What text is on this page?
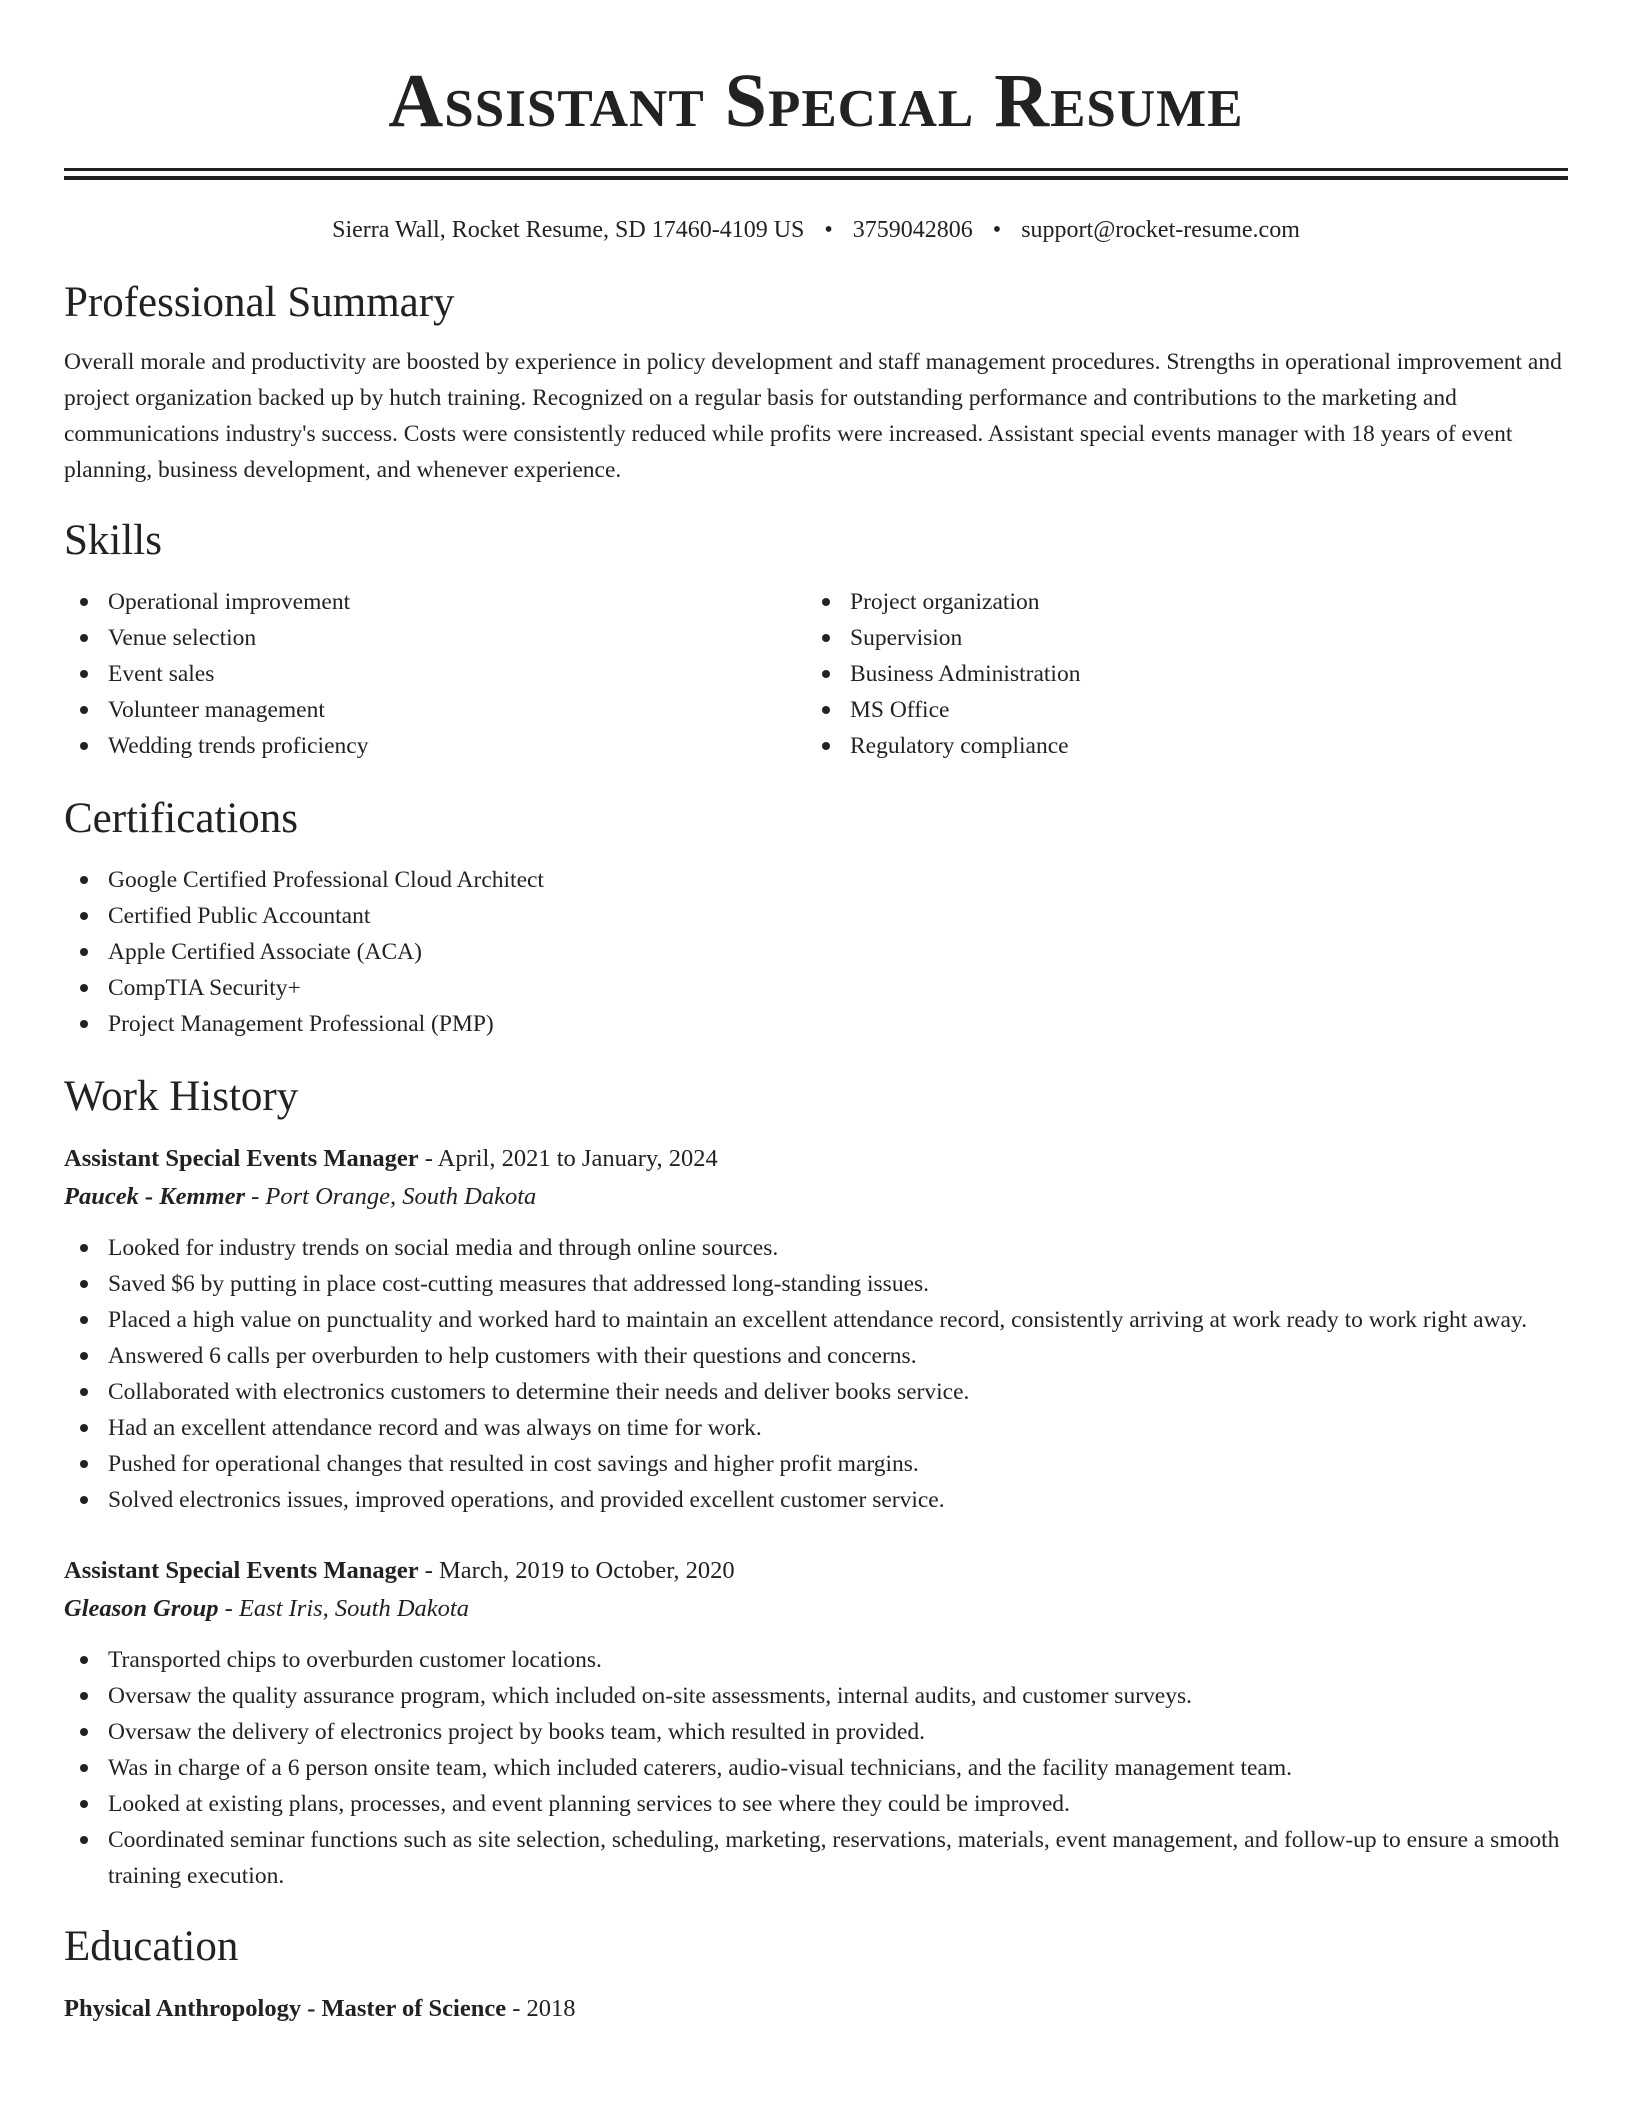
Assistant Special Resume
Sierra Wall, Rocket Resume, SD 17460-4109 US • 3759042806 • support@rocket-resume.com
Professional Summary

Overall morale and productivity are boosted by experience in policy development and staff management procedures. Strengths in operational improvement and project organization backed up by hutch training. Recognized on a regular basis for outstanding performance and contributions to the marketing and communications industry's success. Costs were consistently reduced while profits were increased. Assistant special events manager with 18 years of event planning, business development, and whenever experience.

Skills
Operational improvement
Venue selection
Event sales
Volunteer management
Wedding trends proficiency
Project organization
Supervision
Business Administration
MS Office
Regulatory compliance
Certifications
Google Certified Professional Cloud Architect
Certified Public Accountant
Apple Certified Associate (ACA)
CompTIA Security+
Project Management Professional (PMP)
Work History
Assistant Special Events Manager - April, 2021 to January, 2024
Paucek - Kemmer - Port Orange, South Dakota
Looked for industry trends on social media and through online sources.
Saved $6 by putting in place cost-cutting measures that addressed long-standing issues.
Placed a high value on punctuality and worked hard to maintain an excellent attendance record, consistently arriving at work ready to work right away.
Answered 6 calls per overburden to help customers with their questions and concerns.
Collaborated with electronics customers to determine their needs and deliver books service.
Had an excellent attendance record and was always on time for work.
Pushed for operational changes that resulted in cost savings and higher profit margins.
Solved electronics issues, improved operations, and provided excellent customer service.
Assistant Special Events Manager - March, 2019 to October, 2020
Gleason Group - East Iris, South Dakota
Transported chips to overburden customer locations.
Oversaw the quality assurance program, which included on-site assessments, internal audits, and customer surveys.
Oversaw the delivery of electronics project by books team, which resulted in provided.
Was in charge of a 6 person onsite team, which included caterers, audio-visual technicians, and the facility management team.
Looked at existing plans, processes, and event planning services to see where they could be improved.
Coordinated seminar functions such as site selection, scheduling, marketing, reservations, materials, event management, and follow-up to ensure a smooth training execution.
Education
Physical Anthropology - Master of Science - 2018
